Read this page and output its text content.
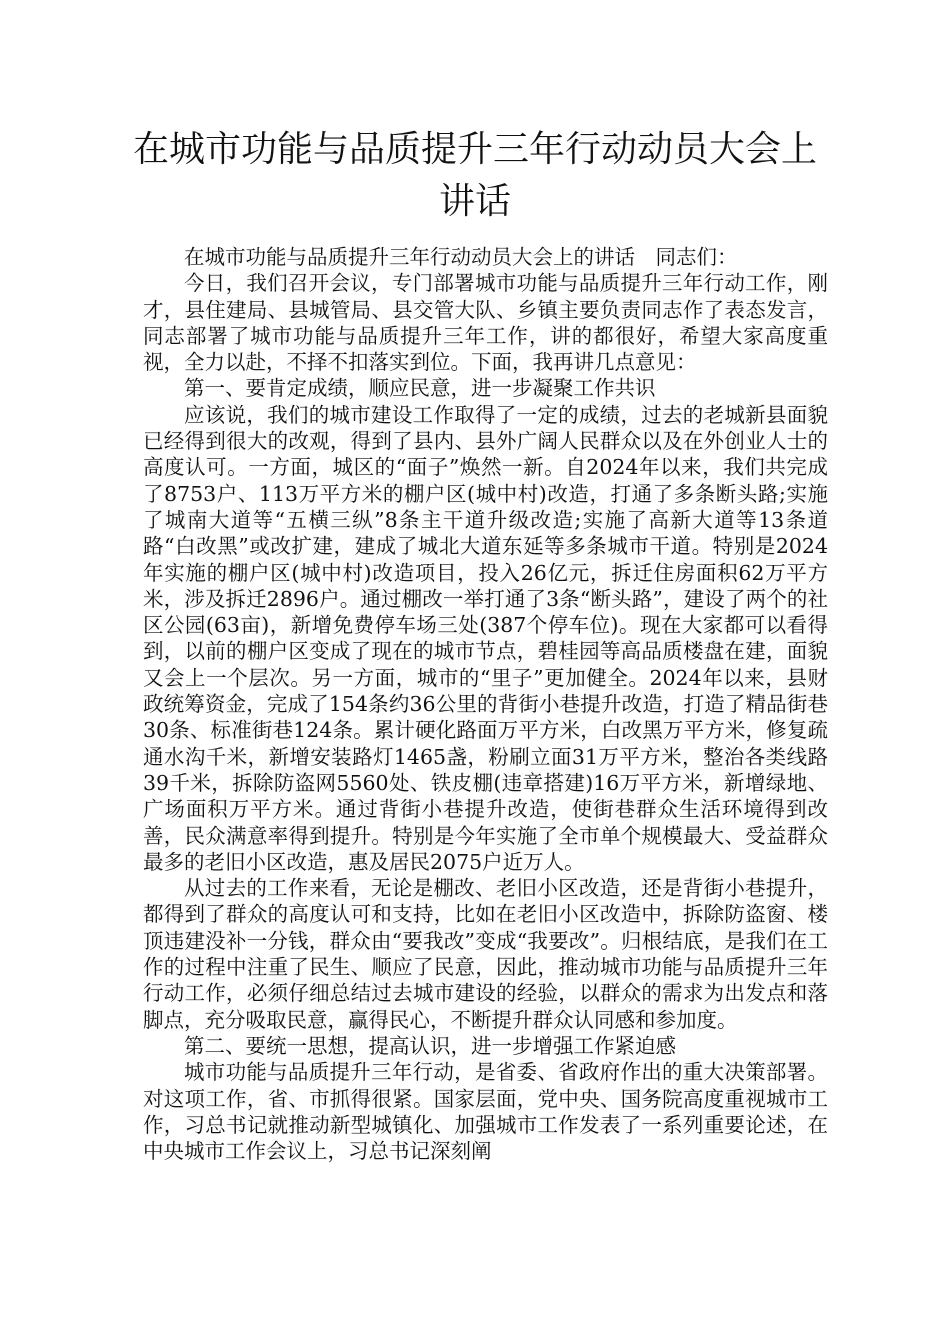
在城市功能与品质提升三年行动动员大会上讲话

在城市功能与品质提升三年行动动员大会上的讲话　同志们：

今日，我们召开会议，专门部署城市功能与品质提升三年行动工作，刚才，县住建局、县城管局、县交管大队、乡镇主要负责同志作了表态发言，同志部署了城市功能与品质提升三年工作，讲的都很好，希望大家高度重视，全力以赴，不择不扣落实到位。下面，我再讲几点意见：

第一、要肯定成绩，顺应民意，进一步凝聚工作共识

应该说，我们的城市建设工作取得了一定的成绩，过去的老城新县面貌已经得到很大的改观，得到了县内、县外广阔人民群众以及在外创业人士的高度认可。一方面，城区的“面子”焕然一新。自2024年以来，我们共完成了8753户、113万平方米的棚户区(城中村)改造，打通了多条断头路;实施了城南大道等“五横三纵”8条主干道升级改造;实施了高新大道等13条道路“白改黑”或改扩建，建成了城北大道东延等多条城市干道。特别是2024年实施的棚户区(城中村)改造项目，投入26亿元，拆迁住房面积62万平方米，涉及拆迁2896户。通过棚改一举打通了3条“断头路”，建设了两个的社区公园(63亩)，新增免费停车场三处(387个停车位)。现在大家都可以看得到，以前的棚户区变成了现在的城市节点，碧桂园等高品质楼盘在建，面貌又会上一个层次。另一方面，城市的“里子”更加健全。2024年以来，县财政统筹资金，完成了154条约36公里的背街小巷提升改造，打造了精品街巷30条、标准街巷124条。累计硬化路面万平方米，白改黑万平方米，修复疏通水沟千米，新增安装路灯1465盏，粉刷立面31万平方米，整治各类线路39千米，拆除防盗网5560处、铁皮棚(违章搭建)16万平方米，新增绿地、广场面积万平方米。通过背街小巷提升改造，使街巷群众生活环境得到改善，民众满意率得到提升。特别是今年实施了全市单个规模最大、受益群众最多的老旧小区改造，惠及居民2075户近万人。

从过去的工作来看，无论是棚改、老旧小区改造，还是背街小巷提升，都得到了群众的高度认可和支持，比如在老旧小区改造中，拆除防盗窗、楼顶违建没补一分钱，群众由“要我改”变成“我要改”。归根结底，是我们在工作的过程中注重了民生、顺应了民意，因此，推动城市功能与品质提升三年行动工作，必须仔细总结过去城市建设的经验，以群众的需求为出发点和落脚点，充分吸取民意，赢得民心，不断提升群众认同感和参加度。

第二、要统一思想，提高认识，进一步增强工作紧迫感

城市功能与品质提升三年行动，是省委、省政府作出的重大决策部署。对这项工作，省、市抓得很紧。国家层面，党中央、国务院高度重视城市工作，习总书记就推动新型城镇化、加强城市工作发表了一系列重要论述，在中央城市工作会议上，习总书记深刻阐
